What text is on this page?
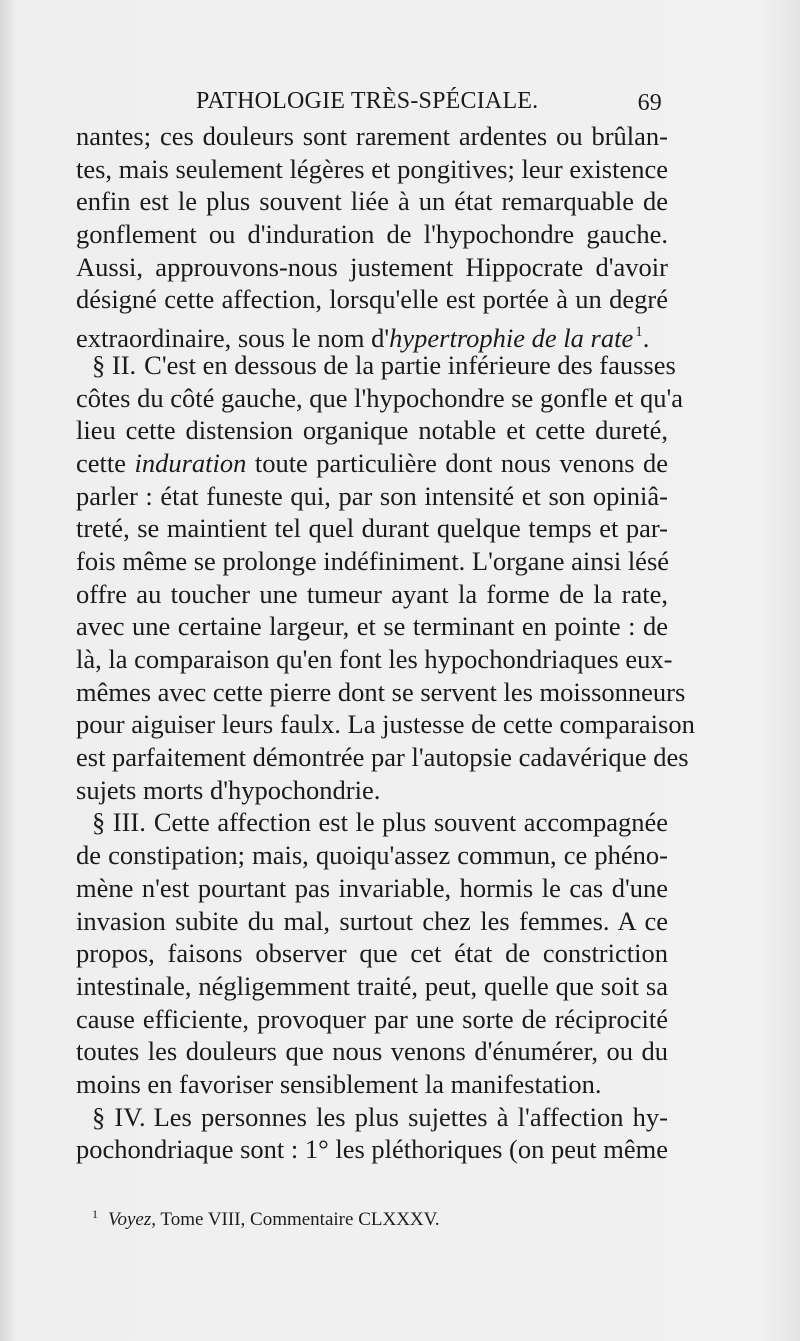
PATHOLOGIE TRÈS-SPÉCIALE.	69
nantes; ces douleurs sont rarement ardentes ou brûlan-
tes, mais seulement légères et pongitives; leur existence
enfin est le plus souvent liée à un état remarquable de
gonflement ou d'induration de l'hypochondre gauche.
Aussi, approuvons-nous justement Hippocrate d'avoir
désigné cette affection, lorsqu'elle est portée à un degré
extraordinaire, sous le nom d'hypertrophie de la rate $^1$.
§ II. C'est en dessous de la partie inférieure des fausses
côtes du côté gauche, que l'hypochondre se gonfle et qu'a
lieu cette distension organique notable et cette dureté,
cette induration toute particulière dont nous venons de
parler : état funeste qui, par son intensité et son opiniâ-
treté, se maintient tel quel durant quelque temps et par-
fois même se prolonge indéfiniment. L'organe ainsi lésé
offre au toucher une tumeur ayant la forme de la rate,
avec une certaine largeur, et se terminant en pointe : de
là, la comparaison qu'en font les hypochondriaques eux-
mêmes avec cette pierre dont se servent les moissonneurs
pour aiguiser leurs faulx. La justesse de cette comparaison
est parfaitement démontrée par l'autopsie cadavérique des
sujets morts d'hypochondrie.
§ III. Cette affection est le plus souvent accompagnée
de constipation; mais, quoiqu'assez commun, ce phéno-
mène n'est pourtant pas invariable, hormis le cas d'une
invasion subite du mal, surtout chez les femmes. A ce
propos, faisons observer que cet état de constriction
intestinale, négligemment traité, peut, quelle que soit sa
cause efficiente, provoquer par une sorte de réciprocité
toutes les douleurs que nous venons d'énumérer, ou du
moins en favoriser sensiblement la manifestation.
§ IV. Les personnes les plus sujettes à l'affection hy-
pochondriaque sont : 1° les pléthoriques (on peut même
$^1$ Voyez, Tome VIII, Commentaire CLXXXV.
